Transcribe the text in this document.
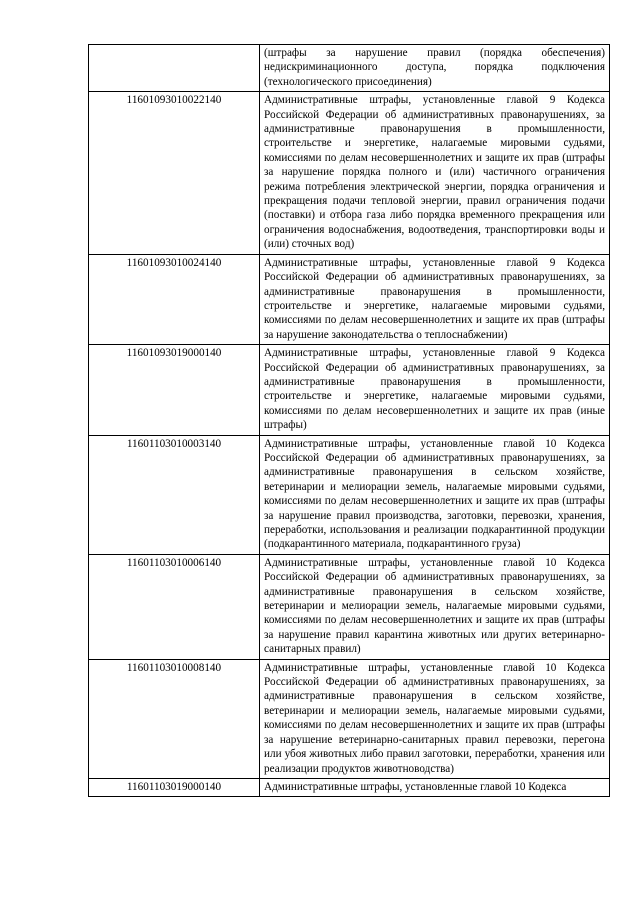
	(штрафы за нарушение правил (порядка обеспечения) недискриминационного доступа, порядка подключения (технологического присоединения)
11601093010022140	Административные штрафы, установленные главой 9 Кодекса Российской Федерации об административных правонарушениях, за административные правонарушения в промышленности, строительстве и энергетике, налагаемые мировыми судьями, комиссиями по делам несовершеннолетних и защите их прав (штрафы за нарушение порядка полного и (или) частичного ограничения режима потребления электрической энергии, порядка ограничения и прекращения подачи тепловой энергии, правил ограничения подачи (поставки) и отбора газа либо порядка временного прекращения или ограничения водоснабжения, водоотведения, транспортировки воды и (или) сточных вод)
11601093010024140	Административные штрафы, установленные главой 9 Кодекса Российской Федерации об административных правонарушениях, за административные правонарушения в промышленности, строительстве и энергетике, налагаемые мировыми судьями, комиссиями по делам несовершеннолетних и защите их прав (штрафы за нарушение законодательства о теплоснабжении)
11601093019000140	Административные штрафы, установленные главой 9 Кодекса Российской Федерации об административных правонарушениях, за административные правонарушения в промышленности, строительстве и энергетике, налагаемые мировыми судьями, комиссиями по делам несовершеннолетних и защите их прав (иные штрафы)
11601103010003140	Административные штрафы, установленные главой 10 Кодекса Российской Федерации об административных правонарушениях, за административные правонарушения в сельском хозяйстве, ветеринарии и мелиорации земель, налагаемые мировыми судьями, комиссиями по делам несовершеннолетних и защите их прав (штрафы за нарушение правил производства, заготовки, перевозки, хранения, переработки, использования и реализации подкарантинной продукции (подкарантинного материала, подкарантинного груза)
11601103010006140	Административные штрафы, установленные главой 10 Кодекса Российской Федерации об административных правонарушениях, за административные правонарушения в сельском хозяйстве, ветеринарии и мелиорации земель, налагаемые мировыми судьями, комиссиями по делам несовершеннолетних и защите их прав (штрафы за нарушение правил карантина животных или других ветеринарно-санитарных правил)
11601103010008140	Административные штрафы, установленные главой 10 Кодекса Российской Федерации об административных правонарушениях, за административные правонарушения в сельском хозяйстве, ветеринарии и мелиорации земель, налагаемые мировыми судьями, комиссиями по делам несовершеннолетних и защите их прав (штрафы за нарушение ветеринарно-санитарных правил перевозки, перегона или убоя животных либо правил заготовки, переработки, хранения или реализации продуктов животноводства)
11601103019000140	Административные штрафы, установленные главой 10 Кодекса
